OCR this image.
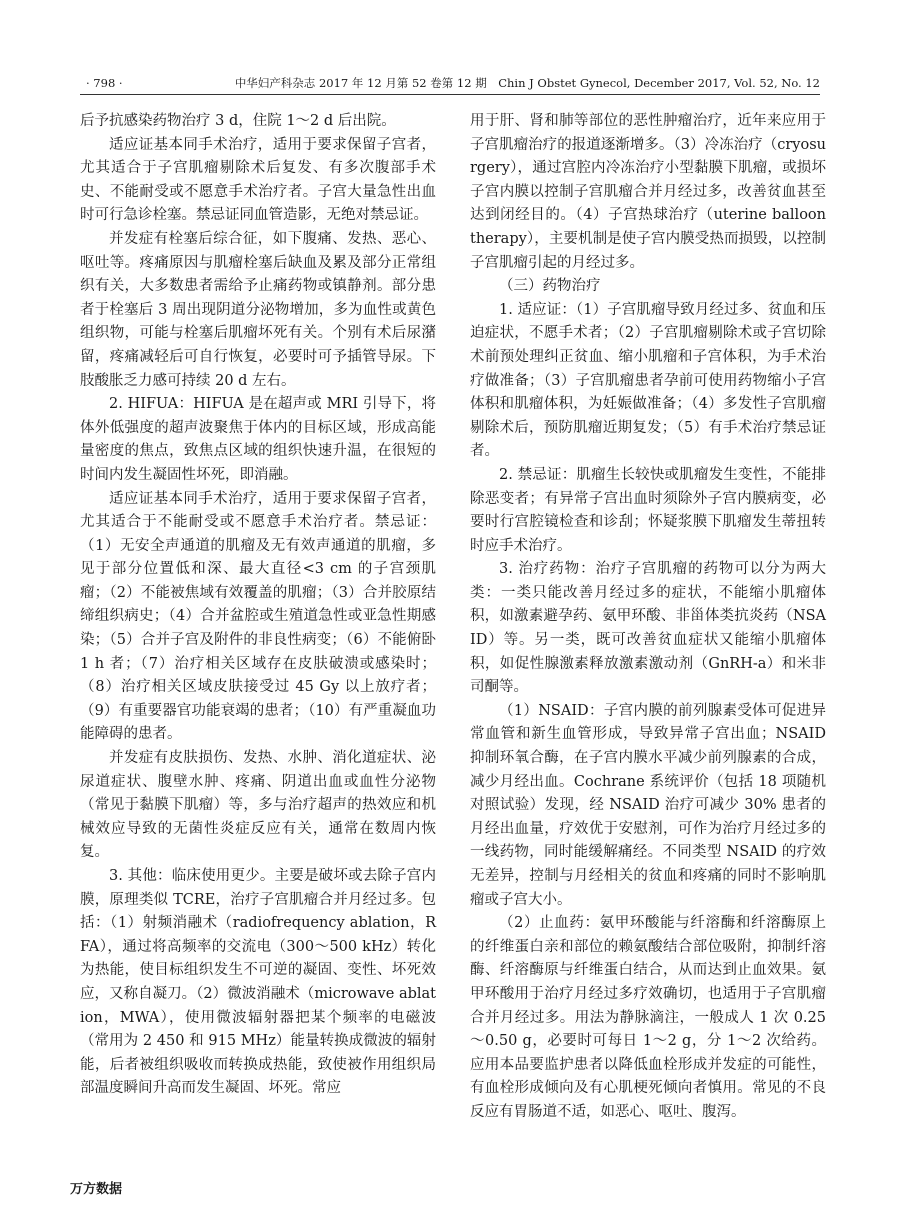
· 798 ·	中华妇产科杂志 2017 年 12 月第 52 卷第 12 期　Chin J Obstet Gynecol, December 2017, Vol. 52, No. 12

后予抗感染药物治疗 3 d，住院 1～2 d 后出院。

适应证基本同手术治疗，适用于要求保留子宫者，尤其适合于子宫肌瘤剔除术后复发、有多次腹部手术史、不能耐受或不愿意手术治疗者。子宫大量急性出血时可行急诊栓塞。禁忌证同血管造影，无绝对禁忌证。

并发症有栓塞后综合征，如下腹痛、发热、恶心、呕吐等。疼痛原因与肌瘤栓塞后缺血及累及部分正常组织有关，大多数患者需给予止痛药物或镇静剂。部分患者于栓塞后 3 周出现阴道分泌物增加，多为血性或黄色组织物，可能与栓塞后肌瘤坏死有关。个别有术后尿潴留，疼痛减轻后可自行恢复，必要时可予插管导尿。下肢酸胀乏力感可持续 20 d 左右。

2. HIFUA：HIFUA 是在超声或 MRI 引导下，将体外低强度的超声波聚焦于体内的目标区域，形成高能量密度的焦点，致焦点区域的组织快速升温，在很短的时间内发生凝固性坏死，即消融。

适应证基本同手术治疗，适用于要求保留子宫者，尤其适合于不能耐受或不愿意手术治疗者。禁忌证：（1）无安全声通道的肌瘤及无有效声通道的肌瘤，多见于部分位置低和深、最大直径<3 cm 的子宫颈肌瘤；（2）不能被焦域有效覆盖的肌瘤；（3）合并胶原结缔组织病史；（4）合并盆腔或生殖道急性或亚急性期感染；（5）合并子宫及附件的非良性病变；（6）不能俯卧 1 h 者；（7）治疗相关区域存在皮肤破溃或感染时；（8）治疗相关区域皮肤接受过 45 Gy 以上放疗者；（9）有重要器官功能衰竭的患者；（10）有严重凝血功能障碍的患者。

并发症有皮肤损伤、发热、水肿、消化道症状、泌尿道症状、腹壁水肿、疼痛、阴道出血或血性分泌物（常见于黏膜下肌瘤）等，多与治疗超声的热效应和机械效应导致的无菌性炎症反应有关，通常在数周内恢复。

3. 其他：临床使用更少。主要是破坏或去除子宫内膜，原理类似 TCRE，治疗子宫肌瘤合并月经过多。包括：（1）射频消融术（radiofrequency ablation，RFA），通过将高频率的交流电（300～500 kHz）转化为热能，使目标组织发生不可逆的凝固、变性、坏死效应，又称自凝刀。（2）微波消融术（microwave ablation，MWA），使用微波辐射器把某个频率的电磁波（常用为 2 450 和 915 MHz）能量转换成微波的辐射能，后者被组织吸收而转换成热能，致使被作用组织局部温度瞬间升高而发生凝固、坏死。常应

用于肝、肾和肺等部位的恶性肿瘤治疗，近年来应用于子宫肌瘤治疗的报道逐渐增多。（3）冷冻治疗（cryosurgery），通过宫腔内冷冻治疗小型黏膜下肌瘤，或损坏子宫内膜以控制子宫肌瘤合并月经过多，改善贫血甚至达到闭经目的。（4）子宫热球治疗（uterine balloon therapy），主要机制是使子宫内膜受热而损毁，以控制子宫肌瘤引起的月经过多。

（三）药物治疗

1. 适应证：（1）子宫肌瘤导致月经过多、贫血和压迫症状，不愿手术者；（2）子宫肌瘤剔除术或子宫切除术前预处理纠正贫血、缩小肌瘤和子宫体积，为手术治疗做准备；（3）子宫肌瘤患者孕前可使用药物缩小子宫体积和肌瘤体积，为妊娠做准备；（4）多发性子宫肌瘤剔除术后，预防肌瘤近期复发；（5）有手术治疗禁忌证者。

2. 禁忌证：肌瘤生长较快或肌瘤发生变性，不能排除恶变者；有异常子宫出血时须除外子宫内膜病变，必要时行宫腔镜检查和诊刮；怀疑浆膜下肌瘤发生蒂扭转时应手术治疗。

3. 治疗药物：治疗子宫肌瘤的药物可以分为两大类：一类只能改善月经过多的症状，不能缩小肌瘤体积，如激素避孕药、氨甲环酸、非甾体类抗炎药（NSAID）等。另一类，既可改善贫血症状又能缩小肌瘤体积，如促性腺激素释放激素激动剂（GnRH-a）和米非司酮等。

（1）NSAID：子宫内膜的前列腺素受体可促进异常血管和新生血管形成，导致异常子宫出血；NSAID 抑制环氧合酶，在子宫内膜水平减少前列腺素的合成，减少月经出血。Cochrane 系统评价（包括 18 项随机对照试验）发现，经 NSAID 治疗可减少 30% 患者的月经出血量，疗效优于安慰剂，可作为治疗月经过多的一线药物，同时能缓解痛经。不同类型 NSAID 的疗效无差异，控制与月经相关的贫血和疼痛的同时不影响肌瘤或子宫大小。

（2）止血药：氨甲环酸能与纤溶酶和纤溶酶原上的纤维蛋白亲和部位的赖氨酸结合部位吸附，抑制纤溶酶、纤溶酶原与纤维蛋白结合，从而达到止血效果。氨甲环酸用于治疗月经过多疗效确切，也适用于子宫肌瘤合并月经过多。用法为静脉滴注，一般成人 1 次 0.25～0.50 g，必要时可每日 1～2 g，分 1～2 次给药。应用本品要监护患者以降低血栓形成并发症的可能性，有血栓形成倾向及有心肌梗死倾向者慎用。常见的不良反应有胃肠道不适，如恶心、呕吐、腹泻。

万方数据
